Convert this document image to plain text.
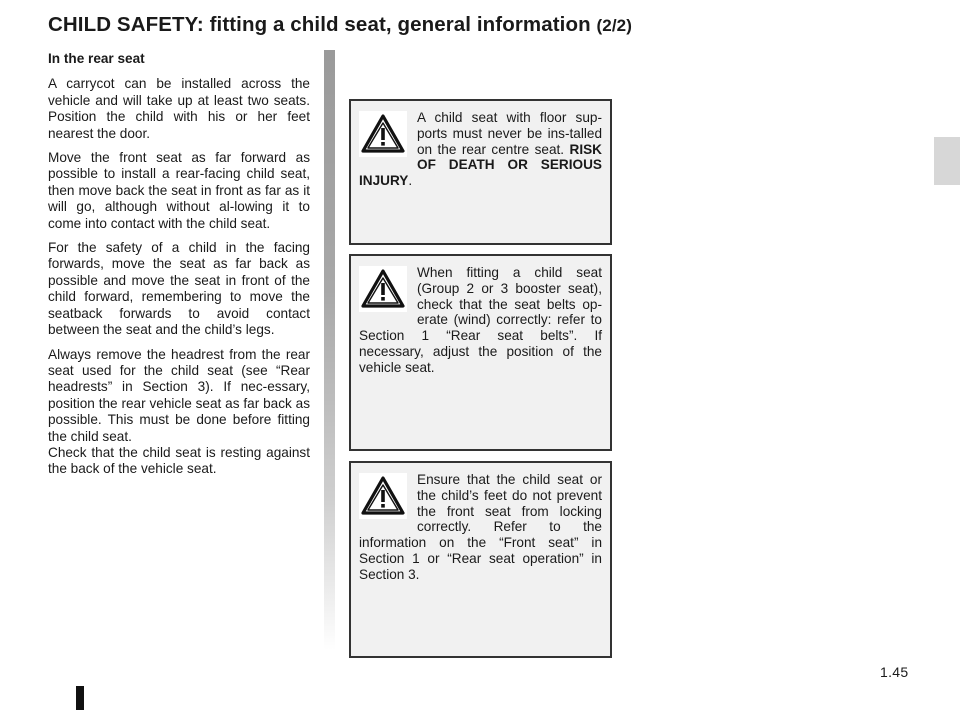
CHILD SAFETY: fitting a child seat, general information (2/2)

In the rear seat

A carrycot can be installed across the vehicle and will take up at least two seats. Position the child with his or her feet nearest the door.

Move the front seat as far forward as possible to install a rear-facing child seat, then move back the seat in front as far as it will go, although without al-lowing it to come into contact with the child seat.

For the safety of a child in the facing forwards, move the seat as far back as possible and move the seat in front of the child forward, remembering to move the seatback forwards to avoid contact between the seat and the child’s legs.

Always remove the headrest from the rear seat used for the child seat (see “Rear headrests” in Section 3). If nec-essary, position the rear vehicle seat as far back as possible. This must be done before fitting the child seat.

Check that the child seat is resting against the back of the vehicle seat.

A child seat with floor sup-ports must never be ins-talled on the rear centre seat. RISK OF DEATH OR SERIOUS INJURY.
When fitting a child seat (Group 2 or 3 booster seat), check that the seat belts op-erate (wind) correctly: refer to Section 1 “Rear seat belts”. If necessary, adjust the position of the vehicle seat.
Ensure that the child seat or the child’s feet do not prevent the front seat from locking correctly. Refer to the information on the “Front seat” in Section 1 or “Rear seat operation” in Section 3.
1.45
